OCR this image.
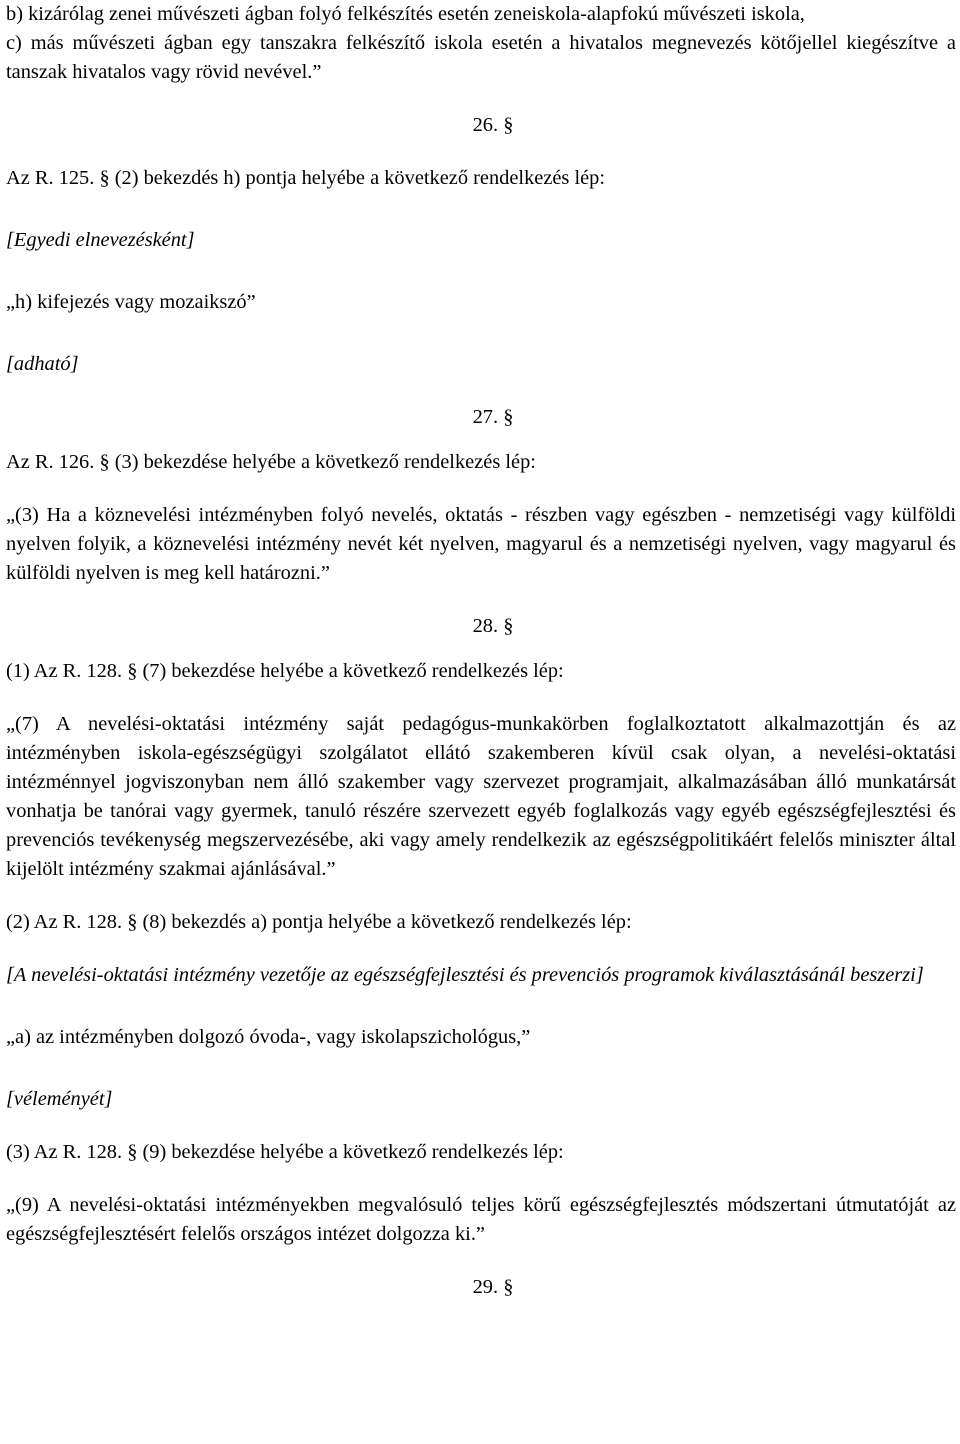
b) kizárólag zenei művészeti ágban folyó felkészítés esetén zeneiskola-alapfokú művészeti iskola,

c) más művészeti ágban egy tanszakra felkészítő iskola esetén a hivatalos megnevezés kötőjellel kiegészítve a tanszak hivatalos vagy rövid nevével.”

26. §

Az R. 125. § (2) bekezdés h) pontja helyébe a következő rendelkezés lép:

[Egyedi elnevezésként]

„h) kifejezés vagy mozaikszó”

[adható]

27. §

Az R. 126. § (3) bekezdése helyébe a következő rendelkezés lép:

„(3) Ha a köznevelési intézményben folyó nevelés, oktatás - részben vagy egészben - nemzetiségi vagy külföldi nyelven folyik, a köznevelési intézmény nevét két nyelven, magyarul és a nemzetiségi nyelven, vagy magyarul és külföldi nyelven is meg kell határozni.”

28. §

(1) Az R. 128. § (7) bekezdése helyébe a következő rendelkezés lép:

„(7) A nevelési-oktatási intézmény saját pedagógus-munkakörben foglalkoztatott alkalmazottján és az intézményben iskola-egészségügyi szolgálatot ellátó szakemberen kívül csak olyan, a nevelési-oktatási intézménnyel jogviszonyban nem álló szakember vagy szervezet programjait, alkalmazásában álló munkatársát vonhatja be tanórai vagy gyermek, tanuló részére szervezett egyéb foglalkozás vagy egyéb egészségfejlesztési és prevenciós tevékenység megszervezésébe, aki vagy amely rendelkezik az egészségpolitikáért felelős miniszter által kijelölt intézmény szakmai ajánlásával.”

(2) Az R. 128. § (8) bekezdés a) pontja helyébe a következő rendelkezés lép:

[A nevelési-oktatási intézmény vezetője az egészségfejlesztési és prevenciós programok kiválasztásánál beszerzi]

„a) az intézményben dolgozó óvoda-, vagy iskolapszichológus,”

[véleményét]

(3) Az R. 128. § (9) bekezdése helyébe a következő rendelkezés lép:

„(9) A nevelési-oktatási intézményekben megvalósuló teljes körű egészségfejlesztés módszertani útmutatóját az egészségfejlesztésért felelős országos intézet dolgozza ki.”

29. §
